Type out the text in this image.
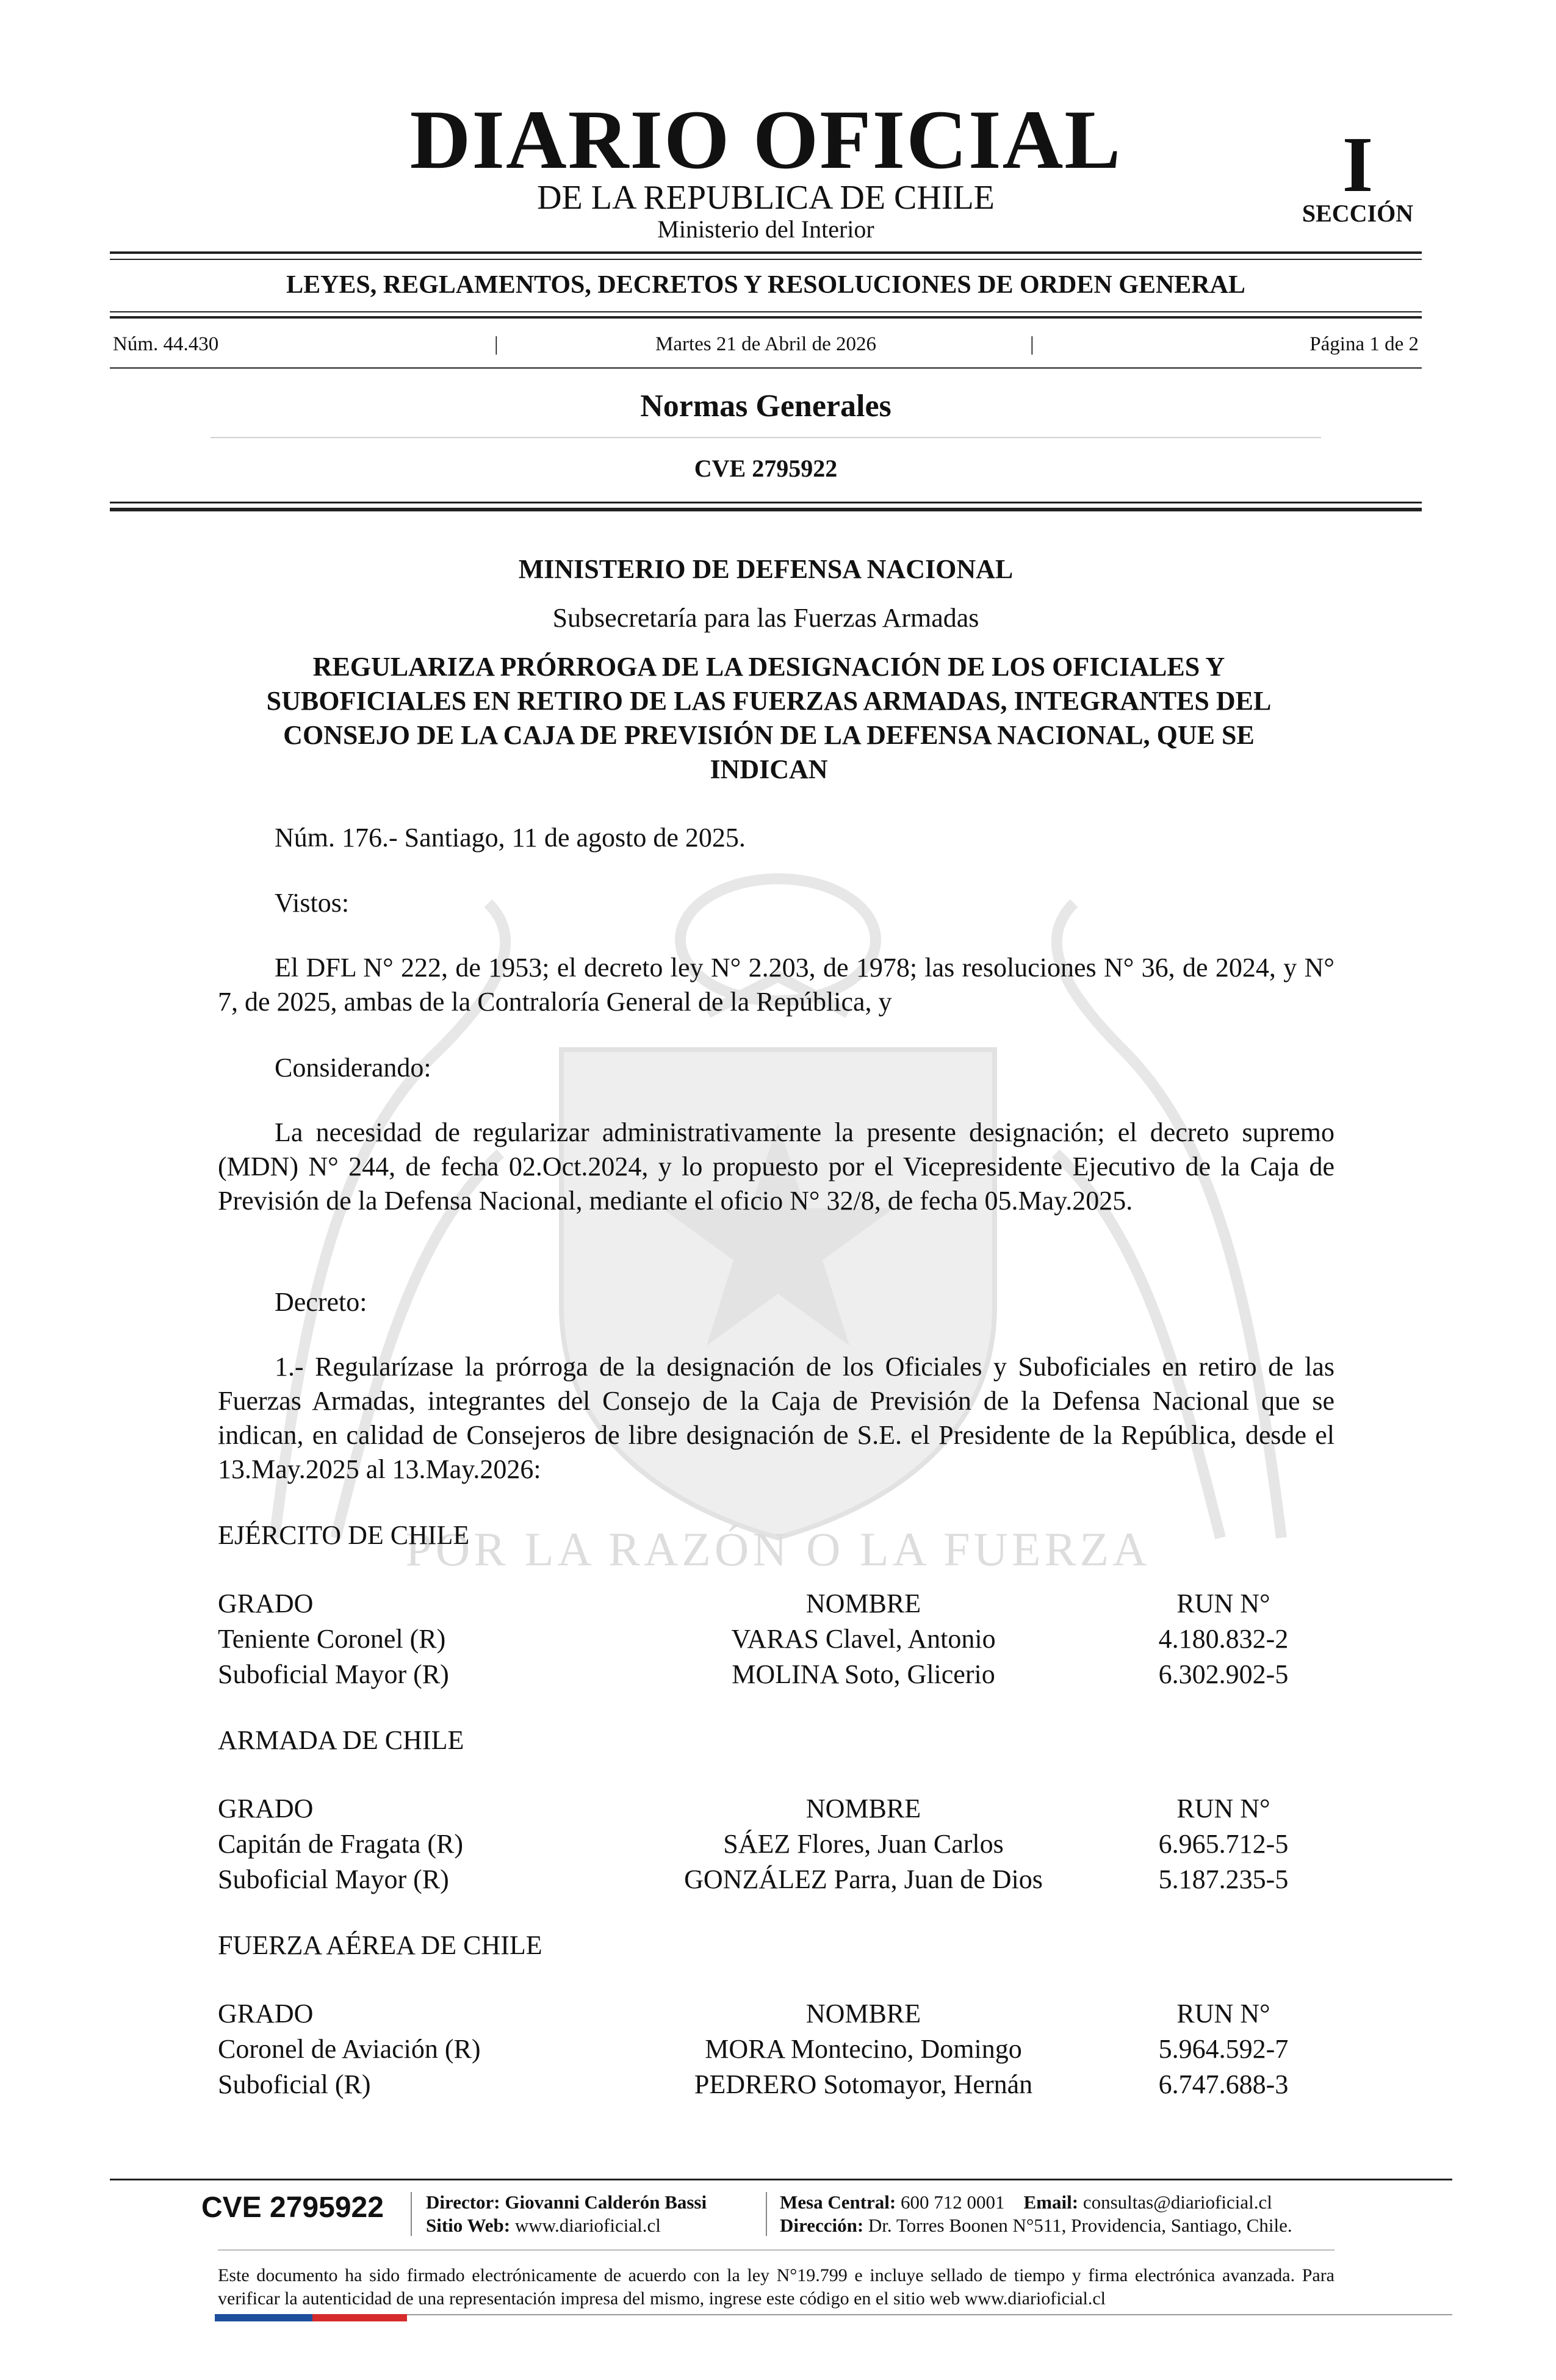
POR LA RAZÓN O LA FUERZA
DIARIO OFICIAL
DE LA REPUBLICA DE CHILE
Ministerio del Interior
I
SECCIÓN
LEYES, REGLAMENTOS, DECRETOS Y RESOLUCIONES DE ORDEN GENERAL
Núm. 44.430	|	Martes 21 de Abril de 2026	|	Página 1 de 2
Normas Generales
CVE 2795922
MINISTERIO DE DEFENSA NACIONAL
Subsecretaría para las Fuerzas Armadas
REGULARIZA PRÓRROGA DE LA DESIGNACIÓN DE LOS OFICIALES Y SUBOFICIALES EN RETIRO DE LAS FUERZAS ARMADAS, INTEGRANTES DEL CONSEJO DE LA CAJA DE PREVISIÓN DE LA DEFENSA NACIONAL, QUE SE INDICAN
Núm. 176.- Santiago, 11 de agosto de 2025.
Vistos:
El DFL N° 222, de 1953; el decreto ley N° 2.203, de 1978; las resoluciones N° 36, de 2024, y N° 7, de 2025, ambas de la Contraloría General de la República, y
Considerando:
La necesidad de regularizar administrativamente la presente designación; el decreto supremo (MDN) N° 244, de fecha 02.Oct.2024, y lo propuesto por el Vicepresidente Ejecutivo de la Caja de Previsión de la Defensa Nacional, mediante el oficio N° 32/8, de fecha 05.May.2025.
Decreto:
1.- Regularízase la prórroga de la designación de los Oficiales y Suboficiales en retiro de las Fuerzas Armadas, integrantes del Consejo de la Caja de Previsión de la Defensa Nacional que se indican, en calidad de Consejeros de libre designación de S.E. el Presidente de la República, desde el 13.May.2025 al 13.May.2026:
EJÉRCITO DE CHILE
GRADO	NOMBRE	RUN N°
Teniente Coronel (R)	VARAS Clavel, Antonio	4.180.832-2
Suboficial Mayor (R)	MOLINA Soto, Glicerio	6.302.902-5
ARMADA DE CHILE
GRADO	NOMBRE	RUN N°
Capitán de Fragata (R)	SÁEZ Flores, Juan Carlos	6.965.712-5
Suboficial Mayor (R)	GONZÁLEZ Parra, Juan de Dios	5.187.235-5
FUERZA AÉREA DE CHILE
GRADO	NOMBRE	RUN N°
Coronel de Aviación (R)	MORA Montecino, Domingo	5.964.592-7
Suboficial (R)	PEDRERO Sotomayor, Hernán	6.747.688-3
CVE 2795922 Director: Giovanni Calderón Bassi
Sitio Web: www.diarioficial.cl
Mesa Central: 600 712 0001 Email: consultas@diarioficial.cl
Dirección: Dr. Torres Boonen N°511, Providencia, Santiago, Chile.
Este documento ha sido firmado electrónicamente de acuerdo con la ley N°19.799 e incluye sellado de tiempo y firma electrónica avanzada. Para verificar la autenticidad de una representación impresa del mismo, ingrese este código en el sitio web www.diarioficial.cl
